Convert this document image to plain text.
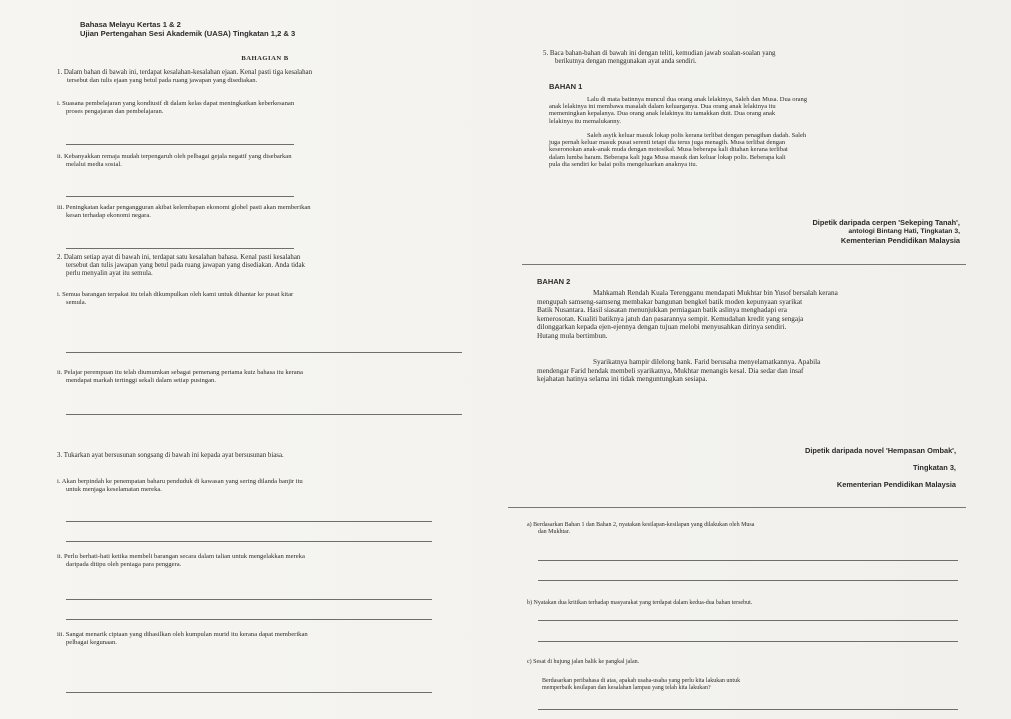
Bahasa Melayu Kertas 1 & 2
Ujian Pertengahan Sesi Akademik (UASA) Tingkatan 1,2 & 3
BAHAGIAN B
1. Dalam bahan di bawah ini, terdapat kesalahan-kesalahan ejaan. Kenal pasti tiga kesalahan
tersebut dan tulis ejaan yang betul pada ruang jawapan yang disediakan.
i. Suasana pembelajaran yang kondiusif di dalam kelas dapat meningkatkan keberkesanan
proses pengajaran dan pembelajaran.
ii. Kebanyakkan remaja mudah terpengaruh oleh pelbagai gejala negatif yang disebarkan
melalui media sosial.
iii. Peningkatan kadar pengangguran akibat kelembapan ekonomi globel pasti akan memberikan
kesan terhadap ekonomi negara.
2. Dalam setiap ayat di bawah ini, terdapat satu kesalahan bahasa. Kenal pasti kesalahan
tersebut dan tulis jawapan yang betul pada ruang jawapan yang disediakan. Anda tidak
perlu menyalin ayat itu semula.
i. Semua barangan terpakai itu telah dikumpulkan oleh kami untuk dihantar ke pusat kitar
semula.
ii. Pelajar perempuan itu telah diumumkan sebagai pemenang pertama kuiz bahasa itu kerana
mendapat markah tertinggi sekali dalam setiap pusingan.
3. Tukarkan ayat bersusunan songsang di bawah ini kepada ayat bersusunan biasa.
i. Akan berpindah ke penempatan baharu penduduk di kawasan yang sering dilanda banjir itu
untuk menjaga keselamatan mereka.
ii. Perlu berhati-hati ketika membeli barangan secara dalam talian untuk mengelakkan mereka
daripada ditipu oleh peniaga para penggera.
iii. Sangat menarik ciptaan yang dihasilkan oleh kumpulan murid itu kerana dapat memberikan
pelbagai kegunaan.
5. Baca bahan-bahan di bawah ini dengan teliti, kemudian jawab soalan-soalan yang
berikutnya dengan menggunakan ayat anda sendiri.
BAHAN 1
Lalu di mata batinnya muncul dua orang anak lelakinya, Saleh dan Musa. Dua orang
anak lelakinya ini membawa masalah dalam keluarganya. Dua orang anak lelakinya itu
memeningkan kepalanya. Dua orang anak lelakinya itu tamakkan duit. Dua orang anak
lelakinya itu memalukanny.
Saleh asyik keluar masuk lokap polis kerana terlibat dengan penagihan dadah. Saleh
juga pernah keluar masuk pusat serenti tetapi dia terus juga menagih. Musa terlibat dengan
keseronokan anak-anak muda dengan motosikal. Musa beberapa kali ditahan kerana terlibat
dalam lumba haram. Beberapa kali juga Musa masuk dan keluar lokap polis. Beberapa kali
pula dia sendiri ke balai polis mengeluarkan anaknya itu.
Dipetik daripada cerpen 'Sekeping Tanah',
antologi Bintang Hati, Tingkatan 3,
Kementerian Pendidikan Malaysia
BAHAN 2
Mahkamah Rendah Kuala Terengganu mendapati Mukhtar bin Yusof bersalah kerana
mengupah samseng-samseng membakar bangunan bengkel batik moden kepunyaan syarikat
Batik Nusantara. Hasil siasatan menunjukkan perniagaan batik aslinya menghadapi era
kemerosotan. Kualiti batiknya jatuh dan pasarannya sempit. Kemudahan kredit yang sengaja
dilonggarkan kepada ejen-ejennya dengan tujuan melobi menyusahkan dirinya sendiri.
Hutang mula bertimbun.
Syarikatnya hampir dilelong bank. Farid berusaha menyelamatkannya. Apabila
mendengar Farid hendak membeli syarikatnya, Mukhtar menangis kesal. Dia sedar dan insaf
kejahatan hatinya selama ini tidak menguntungkan sesiapa.
Dipetik daripada novel 'Hempasan Ombak',
Tingkatan 3,
Kementerian Pendidikan Malaysia
a) Berdasarkan Bahan 1 dan Bahan 2, nyatakan kesilapan-kesilapan yang dilakukan oleh Musa
dan Mukhtar.
b) Nyatakan dua kritikan terhadap masyarakat yang terdapat dalam kedua-dua bahan tersebut.
c) Sesat di hujung jalan balik ke pangkal jalan.
Berdasarkan peribahasa di atas, apakah usaha-usaha yang perlu kita lakukan untuk
memperbaik kesilapan dan kesalahan lampau yang telah kita lakukan?
